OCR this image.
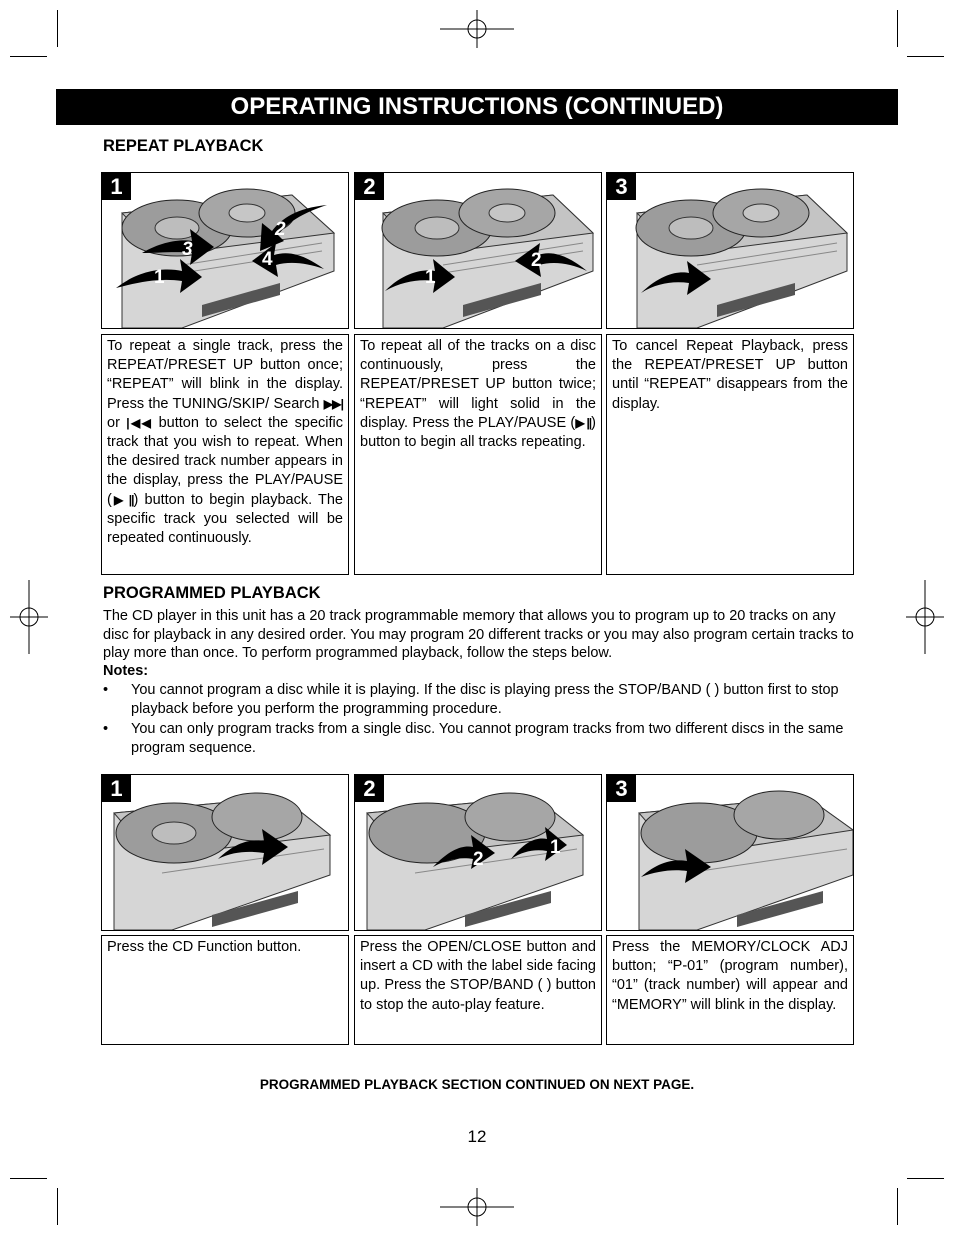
OPERATING INSTRUCTIONS (CONTINUED)
REPEAT PLAYBACK
1
1
2
3	4
2
1
2
3
To repeat a single track, press the REPEAT/PRESET UP button once; “REPEAT” will blink in the display. Press the TUNING/SKIP/ Search ▶▶| or |◀◀ button to select the specific track that you wish to repeat. When the desired track number appears in the display, press the PLAY/PAUSE (▶ ||) button to begin playback. The specific track you selected will be repeated continuously.
To repeat all of the tracks on a disc continuously, press the REPEAT/PRESET UP button twice; “REPEAT” will light solid in the display. Press the PLAY/PAUSE (▶ ||) button to begin all tracks repeating.
To cancel Repeat Playback, press the REPEAT/PRESET UP button until “REPEAT” disappears from the display.
PROGRAMMED PLAYBACK
The CD player in this unit has a 20 track programmable memory that allows you to program up to 20 tracks on any disc for playback in any desired order. You may program 20 different tracks or you may also program certain tracks to play more than once. To perform programmed playback, follow the steps below.
Notes:
• You cannot program a disc while it is playing. If the disc is playing press the STOP/BAND ( ) button first to stop playback before you perform the programming procedure.
• You can only program tracks from a single disc. You cannot program tracks from two different discs in the same program sequence.
1	2
1
2
3
Press the CD Function button.	Press the OPEN/CLOSE button and insert a CD with the label side facing up. Press the STOP/BAND ( ) button to stop the auto-play feature.
Press the MEMORY/CLOCK ADJ button; “P-01” (program number), “01” (track number) will appear and “MEMORY” will blink in the display.
PROGRAMMED PLAYBACK SECTION CONTINUED ON NEXT PAGE.
12
